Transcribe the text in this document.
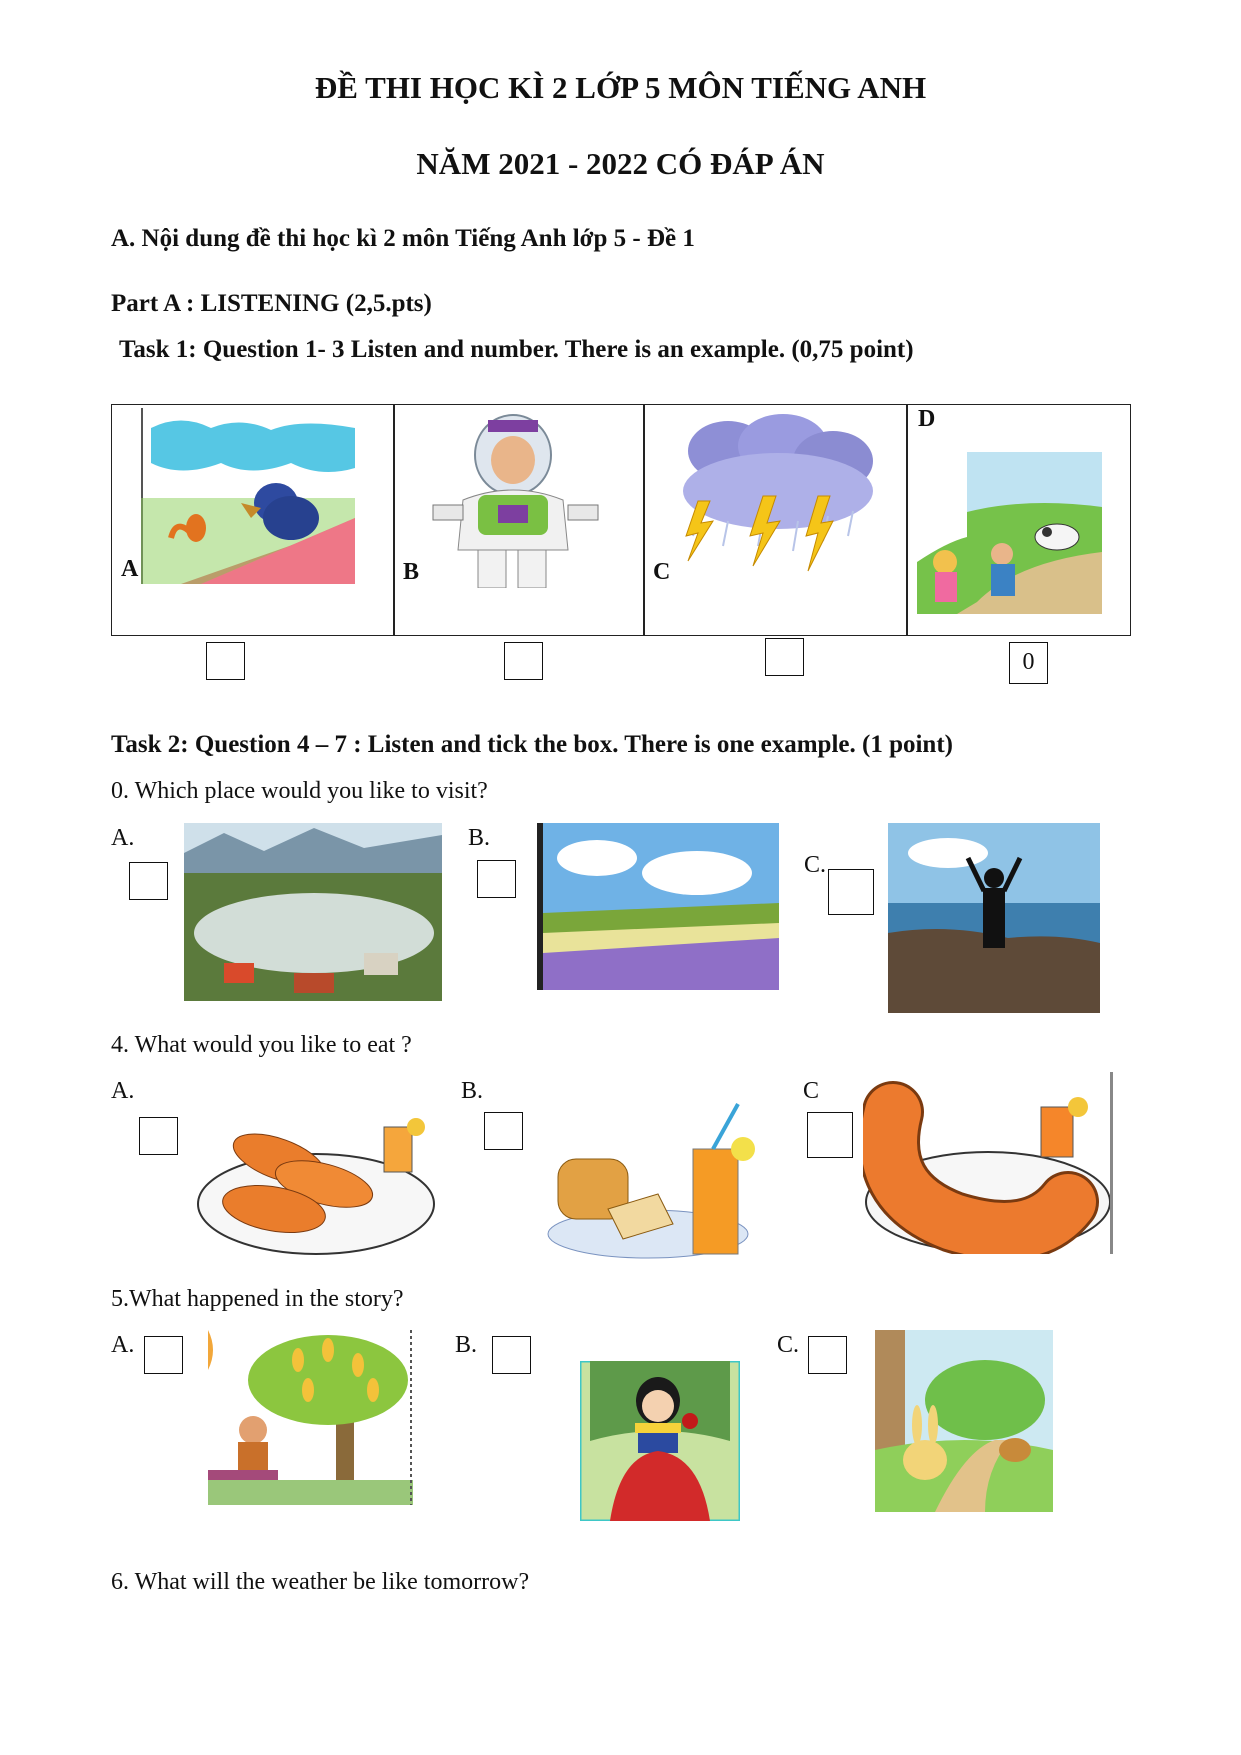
ĐỀ THI HỌC KÌ 2 LỚP 5 MÔN TIẾNG ANH
NĂM 2021 - 2022 CÓ ĐÁP ÁN
A. Nội dung đề thi học kì 2 môn Tiếng Anh lớp 5 - Đề 1
Part A : LISTENING (2,5.pts)
Task 1: Question 1- 3 Listen and number. There is an example. (0,75 point)
A	B	C
D
0
Task 2: Question 4 – 7 : Listen and tick the box. There is one example. (1 point)
0. Which place would you like to visit?
A.	B.
C.
4. What would you like to eat ?
A.	B.	C
5.What happened in the story?
A.	B.	C.
6. What will the weather be like tomorrow?
